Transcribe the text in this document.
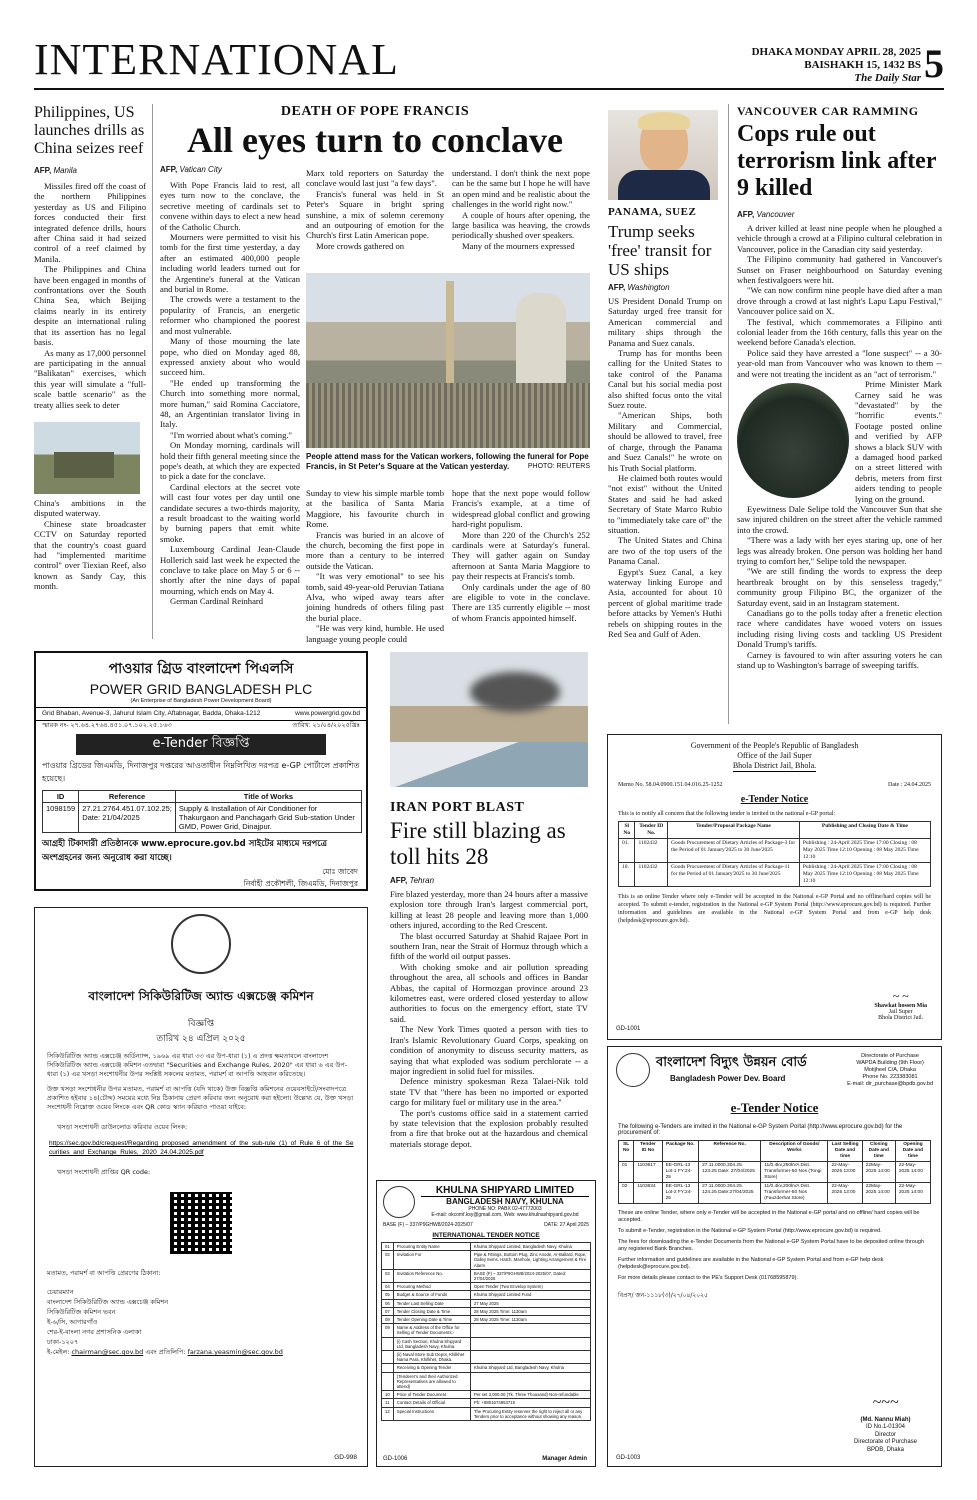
INTERNATIONAL	DHAKA MONDAY APRIL 28, 2025
BAISHAKH 15, 1432 BS
The Daily Star 5
Philippines, US launches drills as China seizes reef
AFP, Manila

Missiles fired off the coast of the northern Philippines yesterday as US and Filipino forces conducted their first integrated defence drills, hours after China said it had seized control of a reef claimed by Manila.

The Philippines and China have been engaged in months of confrontations over the South China Sea, which Beijing claims nearly in its entirety despite an international ruling that its assertion has no legal basis.

As many as 17,000 personnel are participating in the annual "Balikatan" exercises, which this year will simulate a "full-scale battle scenario" as the treaty allies seek to deter

China's ambitions in the disputed waterway.

Chinese state broadcaster CCTV on Saturday reported that the country's coast guard had "implemented maritime control" over Tiexian Reef, also known as Sandy Cay, this month.

DEATH OF POPE FRANCIS
All eyes turn to conclave
AFP, Vatican City

With Pope Francis laid to rest, all eyes turn now to the conclave, the secretive meeting of cardinals set to convene within days to elect a new head of the Catholic Church.

Mourners were permitted to visit his tomb for the first time yesterday, a day after an estimated 400,000 people including world leaders turned out for the Argentine's funeral at the Vatican and burial in Rome.

The crowds were a testament to the popularity of Francis, an energetic reformer who championed the poorest and most vulnerable.

Many of those mourning the late pope, who died on Monday aged 88, expressed anxiety about who would succeed him.

"He ended up transforming the Church into something more normal, more human," said Romina Cacciatore, 48, an Argentinian translator living in Italy.

"I'm worried about what's coming."

On Monday morning, cardinals will hold their fifth general meeting since the pope's death, at which they are expected to pick a date for the conclave.

Cardinal electors at the secret vote will cast four votes per day until one candidate secures a two-thirds majority, a result broadcast to the waiting world by burning papers that emit white smoke.

Luxembourg Cardinal Jean-Claude Hollerich said last week he expected the conclave to take place on May 5 or 6 -- shortly after the nine days of papal mourning, which ends on May 4.

German Cardinal Reinhard

Marx told reporters on Saturday the conclave would last just "a few days".

Francis's funeral was held in St Peter's Square in bright spring sunshine, a mix of solemn ceremony and an outpouring of emotion for the Church's first Latin American pope.

More crowds gathered on

understand. I don't think the next pope can be the same but I hope he will have an open mind and be realistic about the challenges in the world right now."

A couple of hours after opening, the large basilica was heaving, the crowds periodically shushed over speakers.

Many of the mourners expressed

People attend mass for the Vatican workers, following the funeral for Pope Francis, in St Peter's Square at the Vatican yesterday.	PHOTO: REUTERS

Sunday to view his simple marble tomb at the basilica of Santa Maria Maggiore, his favourite church in Rome.

Francis was buried in an alcove of the church, becoming the first pope in more than a century to be interred outside the Vatican.

"It was very emotional" to see his tomb, said 49-year-old Peruvian Tatiana Alva, who wiped away tears after joining hundreds of others filing past the burial place.

"He was very kind, humble. He used language young people could

hope that the next pope would follow Francis's example, at a time of widespread global conflict and growing hard-right populism.

More than 220 of the Church's 252 cardinals were at Saturday's funeral. They will gather again on Sunday afternoon at Santa Maria Maggiore to pay their respects at Francis's tomb.

Only cardinals under the age of 80 are eligible to vote in the conclave. There are 135 currently eligible -- most of whom Francis appointed himself.

PANAMA, SUEZ
Trump seeks 'free' transit for US ships
AFP, Washington

US President Donald Trump on Saturday urged free transit for American commercial and military ships through the Panama and Suez canals.

Trump has for months been calling for the United States to take control of the Panama Canal but his social media post also shifted focus onto the vital Suez route.

"American Ships, both Military and Commercial, should be allowed to travel, free of charge, through the Panama and Suez Canals!" he wrote on his Truth Social platform.

He claimed both routes would "not exist" without the United States and said he had asked Secretary of State Marco Rubio to "immediately take care of" the situation.

The United States and China are two of the top users of the Panama Canal.

Egypt's Suez Canal, a key waterway linking Europe and Asia, accounted for about 10 percent of global maritime trade before attacks by Yemen's Huthi rebels on shipping routes in the Red Sea and Gulf of Aden.

VANCOUVER CAR RAMMING
Cops rule out terrorism link after 9 killed
AFP, Vancouver

A driver killed at least nine people when he ploughed a vehicle through a crowd at a Filipino cultural celebration in Vancouver, police in the Canadian city said yesterday.

The Filipino community had gathered in Vancouver's Sunset on Fraser neighbourhood on Saturday evening when festivalgoers were hit.

"We can now confirm nine people have died after a man drove through a crowd at last night's Lapu Lapu Festival," Vancouver police said on X.

The festival, which commemorates a Filipino anti colonial leader from the 16th century, falls this year on the weekend before Canada's election.

Police said they have arrested a "lone suspect" -- a 30-year-old man from Vancouver who was known to them -- and were not treating the incident as an "act of terrorism."

Prime Minister Mark Carney said he was "devastated" by the "horrific events." Footage posted online and verified by AFP shows a black SUV with a damaged hood parked on a street littered with debris, meters from first aiders tending to people lying on the ground.

Eyewitness Dale Selipe told the Vancouver Sun that she saw injured children on the street after the vehicle rammed into the crowd.

"There was a lady with her eyes staring up, one of her legs was already broken. One person was holding her hand trying to comfort her," Selipe told the newspaper.

"We are still finding the words to express the deep heartbreak brought on by this senseless tragedy," community group Filipino BC, the organizer of the Saturday event, said in an Instagram statement.

Canadians go to the polls today after a frenetic election race where candidates have wooed voters on issues including rising living costs and tackling US President Donald Trump's tariffs.

Carney is favoured to win after assuring voters he can stand up to Washington's barrage of sweeping tariffs.

IRAN PORT BLAST
Fire still blazing as toll hits 28
AFP, Tehran

Fire blazed yesterday, more than 24 hours after a massive explosion tore through Iran's largest commercial port, killing at least 28 people and leaving more than 1,000 others injured, according to the Red Crescent.

The blast occurred Saturday at Shahid Rajaee Port in southern Iran, near the Strait of Hormuz through which a fifth of the world oil output passes.

With choking smoke and air pollution spreading throughout the area, all schools and offices in Bandar Abbas, the capital of Hormozgan province around 23 kilometres east, were ordered closed yesterday to allow authorities to focus on the emergency effort, state TV said.

The New York Times quoted a person with ties to Iran's Islamic Revolutionary Guard Corps, speaking on condition of anonymity to discuss security matters, as saying that what exploded was sodium perchlorate -- a major ingredient in solid fuel for missiles.

Defence ministry spokesman Reza Talaei-Nik told state TV that "there has been no imported or exported cargo for military fuel or military use in the area."

The port's customs office said in a statement carried by state television that the explosion probably resulted from a fire that broke out at the hazardous and chemical materials storage depot.

পাওয়ার গ্রিড বাংলাদেশ পিএলসি
POWER GRID BANGLADESH PLC
(An Enterprise of Bangladesh Power Development Board)
Grid Bhaban, Avenue-3, Jahurul Islam City, Aftabnagar, Badda, Dhaka-1212	www.powergrid.gov.bd
স্মারক নং- ২৭.৬৪.২৭৬৪.৪৫১.০৭.১০২.২৫.১৬৩	তারিখ: ২১/০৪/২০২৫খ্রিঃ
e-Tender বিজ্ঞপ্তি
পাওয়ার গ্রিডের জিএমডি, দিনাজপুর দপ্তরের আওতাধীন নিম্নলিখিত দরপত্র e-GP পোর্টালে প্রকাশিত হয়েছে।
ID	Reference	Title of Works
1098159	27.21.2764.451.07.102.25; Date: 21/04/2025	Supply & Installation of Air Conditioner for Thakurgaon and Panchagarh Grid Sub-station Under GMD, Power Grid, Dinajpur.
আগ্রহী টিকাদারী প্রতিষ্ঠানকে www.eprocure.gov.bd সাইটের মাধ্যমে দরপত্রে অংশগ্রহনের জন্য অনুরোধ করা যাচ্ছে।
মোঃ জাবেদ
নির্বাহী প্রকৌশলী, জিএমডি, দিনাজপুর
বাংলাদেশ সিকিউরিটিজ অ্যান্ড এক্সচেঞ্জ কমিশন
বিজ্ঞপ্তি
তারিখ ২৪ এপ্রিল ২০২৫
সিকিউরিটিজ অ্যান্ড এক্সচেঞ্জ অর্ডিন্যান্স, ১৯৬৯ এর ধারা ৩৩ এর উপ-ধারা (১) এ প্রদত্ত ক্ষমতাবলে বাংলাদেশ সিকিউরিটিজ অ্যান্ড এক্সচেঞ্জ কমিশন এতদ্বারা "Securities and Exchange Rules, 2020" এর ধারা ৬ এর উপ-ধারা (১) এর খসড়া সংশোধনীর উপর সংশ্লিষ্ট সকলের মতামত, পরামর্শ বা আপত্তি আহবান করিতেছে।
উক্ত খসড়া সংশোধনীর উপর মতামত, পরামর্শ বা আপত্তি (যদি থাকে) উক্ত বিজ্ঞপ্তি কমিশনের ওয়েবসাইটে/সংবাদপত্রে প্রকাশিত হইবার ১৪(চৌদ্দ) সময়ের মধ্যে নিম্ন ঠিকানায় প্রেরণ করিবার জন্য অনুরোধ করা হইলো। উল্লেখ্য যে, উক্ত খসড়া সংশোধনী নিম্নোক্ত ওয়েব লিংকে এবং QR কোড স্ক্যান করিয়াও পাওয়া যাইবে:
খসড়া সংশোধনী ডাউনলোড করিবার ওয়েব লিংক:
https://sec.gov.bd/crequest/Regarding_proposed_amendment_of_the_sub-rule_(1)_of_Rule_6_of_the_Securities_and_Exchange_Rules,_2020_24.04.2025.pdf
খসড়া সংশোধনী প্রাপ্তির QR code:
মতামত, পরামর্শ বা আপত্তি প্রেরণের ঠিকানা:
চেয়ারম্যান
বাংলাদেশ সিকিউরিটিজ অ্যান্ড এক্সচেঞ্জ কমিশন
সিকিউরিটিজ কমিশন ভবন
ই-৬/সি, আগারগাঁও
শের-ই-বাংলা নগর প্রশাসনিক এলাকা
ঢাকা-১২০৭
ই-মেইল: chairman@sec.gov.bd এবং প্রতিলিপি: farzana.yeasmin@sec.gov.bd
GD-998
KHULNA SHIPYARD LIMITED
BANGLADESH NAVY, KHULNA
PHONE NO: PABX 02-47772003
E-mail: okcomf.ksy@gmail.com, Web: www.khulnashipyard.gov.bd
BASE (F) – 337/P9GHW8/2024-2025/07	DATE: 27 April 2025
INTERNATIONAL TENDER NOTICE
01	Procuring Entity Name	Khulna Shipyard Limited, Bangladesh Navy, Khulna
02	Invitation For	Pipe & Fittings, Bottom Plug, Zinc Anode, Ar-Ballard, Rope, Galley Items, Hatch, Manhole, Lighting Arrangement & Fire Alarm
03	Invitation Reference No.	BASE (F) – 337/P9GHW8/2024-2025/07, Dated: 27/04/2025
04	Procuring Method	Open Tender (Two Envelop System)
05	Budget & Source of Funds	Khulna Shipyard Limited Fund
06	Tender Last Selling Date	27 May 2025
07	Tender Closing Date & Time	28 May 2025 Time: 1130am
08	Tender Opening Date & Time	28 May 2025 Time: 1130am
09	Name & Address of the Office for Selling of Tender Documents:-	
	(i) Cash Section, Khulna Shipyard Ltd, Bangladesh Navy, Khulna	
	(ii) Naval Store Sub Depot, Khilkhet Nama Para, Khilkhet, Dhaka.	
	Receiving & Opening Tender	Khulna Shipyard Ltd, Bangladesh Navy, Khulna
	(Tenderer's and their Authorized Representatives are allowed to attend)	
10	Price of Tender Document	Per set 3,000.00 (Tk. Three Thousand) Non-refundable
11	Contact Details of Official	Ph: +8801674953715
12	Special Instructions	The Procuring Entity reserves the right to reject all or any Tenders prior to acceptance without showing any reason.
GD-1006	Manager Admin
Government of the People's Republic of Bangladesh
Office of the Jail Super
Bhola District Jail, Bhola.
Memo No. 58.04.0900.151.04.016.25-1252	Date : 24.04.2025
e-Tender Notice
This is to notify all concern that the following tender is invited in the national e-GP portal:
Sl No	Tender ID No.	Tender/Proposal Package Name	Publishing and Closing Date & Time
01.	1102432	Goods Procurement of Dietary Articles of Package-3 for the Period of 01 January'2025 to 30 June'2025	Publishing : 24-April 2025 Time 17:00 Closing : 08 May 2025 Time 12:10 Opening : 08 May 2025 Time 12:10
10.	1102432	Goods Procurement of Dietary Articles of Package-11 for the Period of 01 January'2025 to 30 June'2025	Publishing : 24-April 2025 Time 17:00 Closing : 08 May 2025 Time 12:10 Opening : 08 May 2025 Time 12:10
This is an online Tender where only e-Tender will be accepted in the National e-GP Portal and no offline/hard copies will be accepted. To submit e-tender, registration in the National e-GP System Portal (http://www.eprocure.gov.bd) is required. Further information and guidelines are available in the National e-GP System Portal and from e-GP help desk (helpdesk@eprocure.gov.bd).
~ ~
Shawkat hossen Mia
Jail Super
Bhola District Jail.
GD-1001
বাংলাদেশ বিদ্যুৎ উন্নয়ন বোর্ড
Bangladesh Power Dev. Board
Directorate of Purchase
WAPDA Building (9th Floor)
Motijheel C/A, Dhaka
Phone No. 223383081
E-mail: dir_purchase@bpdb.gov.bd
e-Tender Notice
The following e-Tenders are invited in the National e-GP System Portal (http://www.eprocure.gov.bd) for the procurement of:
SL No	Tender ID No	Package No.	Reference No.	Description of Goods/ Works	Last Selling Date and time	Closing Date and time	Opening Date and time
01	1103617	EE-GRL-13 Lot-1 FY:24-25	27.11.0000.304.25. 123.25 Date: 27/04/2025	11/0.4kv,250kVA Dist. Transformer-50 Nos (Tongi Store)	22-May-2025 13:00	22May-2025 14:00	22-May-2025 14:00
02	1103634	EE-GRL-13 Lot-2 FY:24-25	27.11.0000.304.25. 124.25 Date:27/04/2025	11/0.4kv,200kVA Dist. Transformer-50 Nos (Fauzderhat Store)	22-May-2025 13:00	22May-2025 14:00	22-May-2025 14:00
These are online Tender, where only e-Tender will be accepted in the National e-GP portal and no offline/ hard copies will be accepted.
To submit e-Tender, registration in the National e-GP System Portal (http://www.eprocure.gov.bd) is required.
The fees for downloading the e-Tender Documents from the National e-GP System Portal have to be deposited online through any registered Bank Branches.
Further information and guidelines are available in the National e-GP System Portal and from e-GP help desk (helpdesk@eprocure.gov.bd).
For more details please contact to the PE's Support Desk (01768595879).
বিপ্রস/ জন-১১১৮(৩)/২৭/০৪/২০২৫
~~~
(Md. Nannu Miah)
ID No.1-01304
Director
Directorate of Purchase
BPDB, Dhaka
GD-1003
